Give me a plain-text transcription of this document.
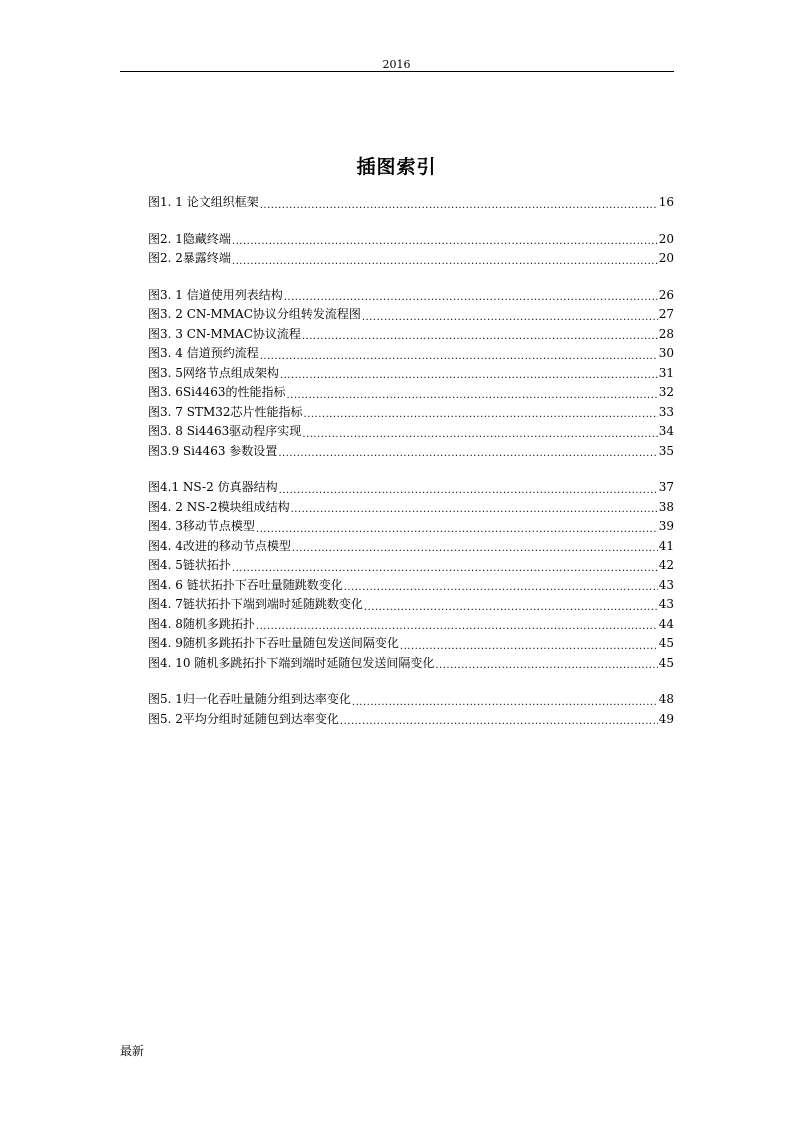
2016
插图索引
图1. 1 论文组织框架 .....	16
图2. 1隐藏终端 .....	20
图2. 2暴露终端 .....	20
图3. 1 信道使用列表结构 .....	26
图3. 2 CN-MMAC协议分组转发流程图 .....	27
图3. 3 CN-MMAC协议流程 .....	28
图3. 4 信道预约流程 .....	30
图3. 5网络节点组成架构 .....	31
图3. 6Si4463的性能指标 .....	32
图3. 7 STM32芯片性能指标 .....	33
图3. 8 Si4463驱动程序实现 .....	34
图3.9 Si4463 参数设置 .....	35
图4.1 NS-2 仿真器结构 .....	37
图4. 2 NS-2模块组成结构 .....	38
图4. 3移动节点模型 .....	39
图4. 4改进的移动节点模型 .....	41
图4. 5链状拓扑 .....	42
图4. 6 链状拓扑下吞吐量随跳数变化 .....	43
图4. 7链状拓扑下端到端时延随跳数变化 .....	43
图4. 8随机多跳拓扑 .....	44
图4. 9随机多跳拓扑下吞吐量随包发送间隔变化 .....	45
图4. 10 随机多跳拓扑下端到端时延随包发送间隔变化 .....	45
图5. 1归一化吞吐量随分组到达率变化 .....	48
图5. 2平均分组时延随包到达率变化 .....	49
最新
